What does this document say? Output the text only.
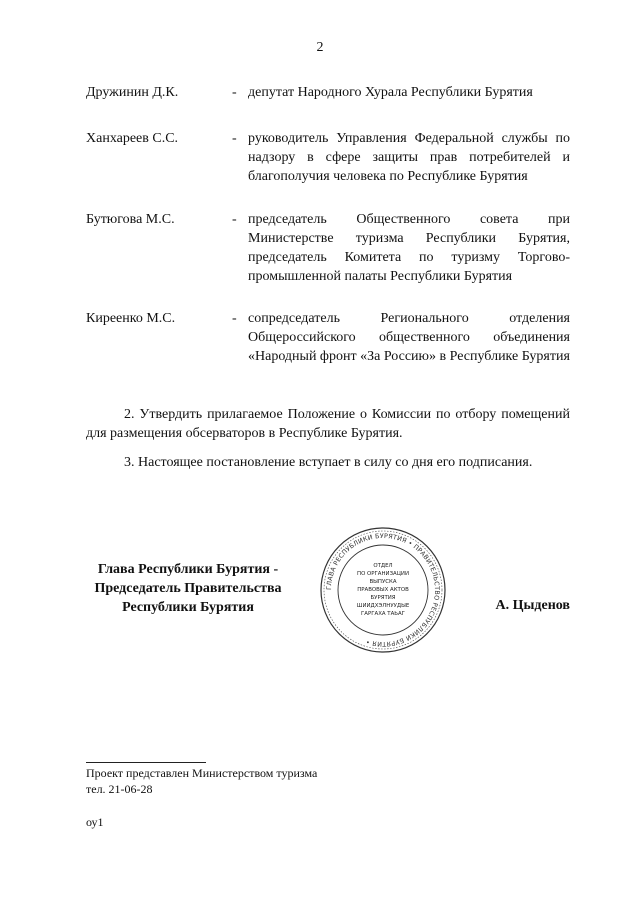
2
Дружинин Д.К.	- депутат Народного Хурала Республики Бурятия
Ханхареев С.С.	- руководитель Управления Федеральной службы по надзору в сфере защиты прав потребителей и благополучия человека по Республике Бурятия
Бутюгова М.С.	- председатель Общественного совета при Министерстве туризма Республики Бурятия, председатель Комитета по туризму Торгово-промышленной палаты Республики Бурятия
Киреенко М.С.	- сопредседатель Регионального отделения Общероссийского общественного объединения «Народный фронт «За Россию» в Республике Бурятия

2. Утвердить прилагаемое Положение о Комиссии по отбору помещений для размещения обсерваторов в Республике Бурятия.

3. Настоящее постановление вступает в силу со дня его подписания.

Глава Республики Бурятия -
Председатель Правительства
Республики Бурятия
ГЛАВА РЕСПУБЛИКИ БУРЯТИЯ • ПРАВИТЕЛЬСТВО РЕСПУБЛИКИ БУРЯТИЯ •
ОТДЕЛ
ПО ОРГАНИЗАЦИИ
ВЫПУСКА
ПРАВОВЫХ АКТОВ
БУРЯТИЯ
ШИИДХЭЛНУУДЫЕ
ГАРГАХА ТАЬАГ
А. Цыденов
Проект представлен Министерством туризма
тел. 21-06-28
оу1
